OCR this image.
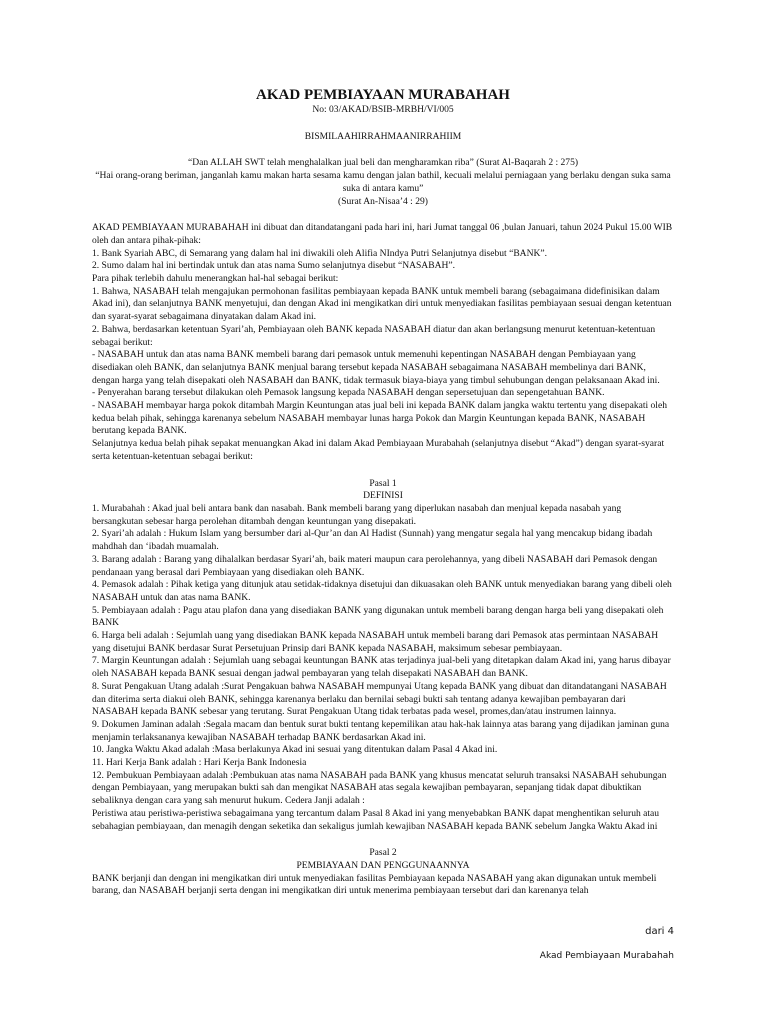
AKAD PEMBIAYAAN MURABAHAH

No: 03/AKAD/BSIB-MRBH/VI/005

BISMILAAHIRRAHMAANIRRAHIIM

“Dan ALLAH SWT telah menghalalkan jual beli dan mengharamkan riba” (Surat Al-Baqarah 2 : 275)

“Hai orang-orang beriman, janganlah kamu makan harta sesama kamu dengan jalan bathil, kecuali melalui perniagaan yang berlaku dengan suka sama suka di antara kamu”

(Surat An-Nisaa’4 : 29)

AKAD PEMBIAYAAN MURABAHAH ini dibuat dan ditandatangani pada hari ini, hari Jumat tanggal 06 ,bulan Januari, tahun 2024 Pukul 15.00 WIB oleh dan antara pihak-pihak:

1. Bank Syariah ABC, di Semarang yang dalam hal ini diwakili oleh Alifia NIndya Putri Selanjutnya disebut “BANK”.

2. Sumo dalam hal ini bertindak untuk dan atas nama Sumo selanjutnya disebut “NASABAH”.

Para pihak terlebih dahulu menerangkan hal-hal sebagai berikut:

1. Bahwa, NASABAH telah mengajukan permohonan fasilitas pembiayaan kepada BANK untuk membeli barang (sebagaimana didefinisikan dalam Akad ini), dan selanjutnya BANK menyetujui, dan dengan Akad ini mengikatkan diri untuk menyediakan fasilitas pembiayaan sesuai dengan ketentuan dan syarat-syarat sebagaimana dinyatakan dalam Akad ini.

2. Bahwa, berdasarkan ketentuan Syari’ah, Pembiayaan oleh BANK kepada NASABAH diatur dan akan berlangsung menurut ketentuan-ketentuan sebagai berikut:

- NASABAH untuk dan atas nama BANK membeli barang dari pemasok untuk memenuhi kepentingan NASABAH dengan Pembiayaan yang disediakan oleh BANK, dan selanjutnya BANK menjual barang tersebut kepada NASABAH sebagaimana NASABAH membelinya dari BANK, dengan harga yang telah disepakati oleh NASABAH dan BANK, tidak termasuk biaya-biaya yang timbul sehubungan dengan pelaksanaan Akad ini.

- Penyerahan barang tersebut dilakukan oleh Pemasok langsung kepada NASABAH dengan sepersetujuan dan sepengetahuan BANK.

- NASABAH membayar harga pokok ditambah Margin Keuntungan atas jual beli ini kepada BANK dalam jangka waktu tertentu yang disepakati oleh kedua belah pihak, sehingga karenanya sebelum NASABAH membayar lunas harga Pokok dan Margin Keuntungan kepada BANK, NASABAH berutang kepada BANK.

Selanjutnya kedua belah pihak sepakat menuangkan Akad ini dalam Akad Pembiayaan Murabahah (selanjutnya disebut “Akad”) dengan syarat-syarat serta ketentuan-ketentuan sebagai berikut:

Pasal 1

DEFINISI

1. Murabahah : Akad jual beli antara bank dan nasabah. Bank membeli barang yang diperlukan nasabah dan menjual kepada nasabah yang bersangkutan sebesar harga perolehan ditambah dengan keuntungan yang disepakati.

2. Syari’ah adalah : Hukum Islam yang bersumber dari al-Qur’an dan Al Hadist (Sunnah) yang mengatur segala hal yang mencakup bidang ibadah mahdhah dan ‘ibadah muamalah.

3. Barang adalah : Barang yang dihalalkan berdasar Syari’ah, baik materi maupun cara perolehannya, yang dibeli NASABAH dari Pemasok dengan pendanaan yang berasal dari Pembiayaan yang disediakan oleh BANK.

4. Pemasok adalah : Pihak ketiga yang ditunjuk atau setidak-tidaknya disetujui dan dikuasakan oleh BANK untuk menyediakan barang yang dibeli oleh NASABAH untuk dan atas nama BANK.

5. Pembiayaan adalah : Pagu atau plafon dana yang disediakan BANK yang digunakan untuk membeli barang dengan harga beli yang disepakati oleh BANK

6. Harga beli adalah : Sejumlah uang yang disediakan BANK kepada NASABAH untuk membeli barang dari Pemasok atas permintaan NASABAH yang disetujui BANK berdasar Surat Persetujuan Prinsip dari BANK kepada NASABAH, maksimum sebesar pembiayaan.

7. Margin Keuntungan adalah : Sejumlah uang sebagai keuntungan BANK atas terjadinya jual-beli yang ditetapkan dalam Akad ini, yang harus dibayar oleh NASABAH kepada BANK sesuai dengan jadwal pembayaran yang telah disepakati NASABAH dan BANK.

8. Surat Pengakuan Utang adalah :Surat Pengakuan bahwa NASABAH mempunyai Utang kepada BANK yang dibuat dan ditandatangani NASABAH dan diterima serta diakui oleh BANK, sehingga karenanya berlaku dan bernilai sebagi bukti sah tentang adanya kewajiban pembayaran dari NASABAH kepada BANK sebesar yang terutang. Surat Pengakuan Utang tidak terbatas pada wesel, promes,dan/atau instrumen lainnya.

9. Dokumen Jaminan adalah :Segala macam dan bentuk surat bukti tentang kepemilikan atau hak-hak lainnya atas barang yang dijadikan jaminan guna menjamin terlaksananya kewajiban NASABAH terhadap BANK berdasarkan Akad ini.

10. Jangka Waktu Akad adalah :Masa berlakunya Akad ini sesuai yang ditentukan dalam Pasal 4 Akad ini.

11. Hari Kerja Bank adalah : Hari Kerja Bank Indonesia

12. Pembukuan Pembiayaan adalah :Pembukuan atas nama NASABAH pada BANK yang khusus mencatat seluruh transaksi NASABAH sehubungan dengan Pembiayaan, yang merupakan bukti sah dan mengikat NASABAH atas segala kewajiban pembayaran, sepanjang tidak dapat dibuktikan sebaliknya dengan cara yang sah menurut hukum. Cedera Janji adalah :

Peristiwa atau peristiwa-peristiwa sebagaimana yang tercantum dalam Pasal 8 Akad ini yang menyebabkan BANK dapat menghentikan seluruh atau sebahagian pembiayaan, dan menagih dengan seketika dan sekaligus jumlah kewajiban NASABAH kepada BANK sebelum Jangka Waktu Akad ini

Pasal 2

PEMBIAYAAN DAN PENGGUNAANNYA

BANK berjanji dan dengan ini mengikatkan diri untuk menyediakan fasilitas Pembiayaan kepada NASABAH yang akan digunakan untuk membeli barang, dan NASABAH berjanji serta dengan ini mengikatkan diri untuk menerima pembiayaan tersebut dari dan karenanya telah

dari 4
Akad Pembiayaan Murabahah
